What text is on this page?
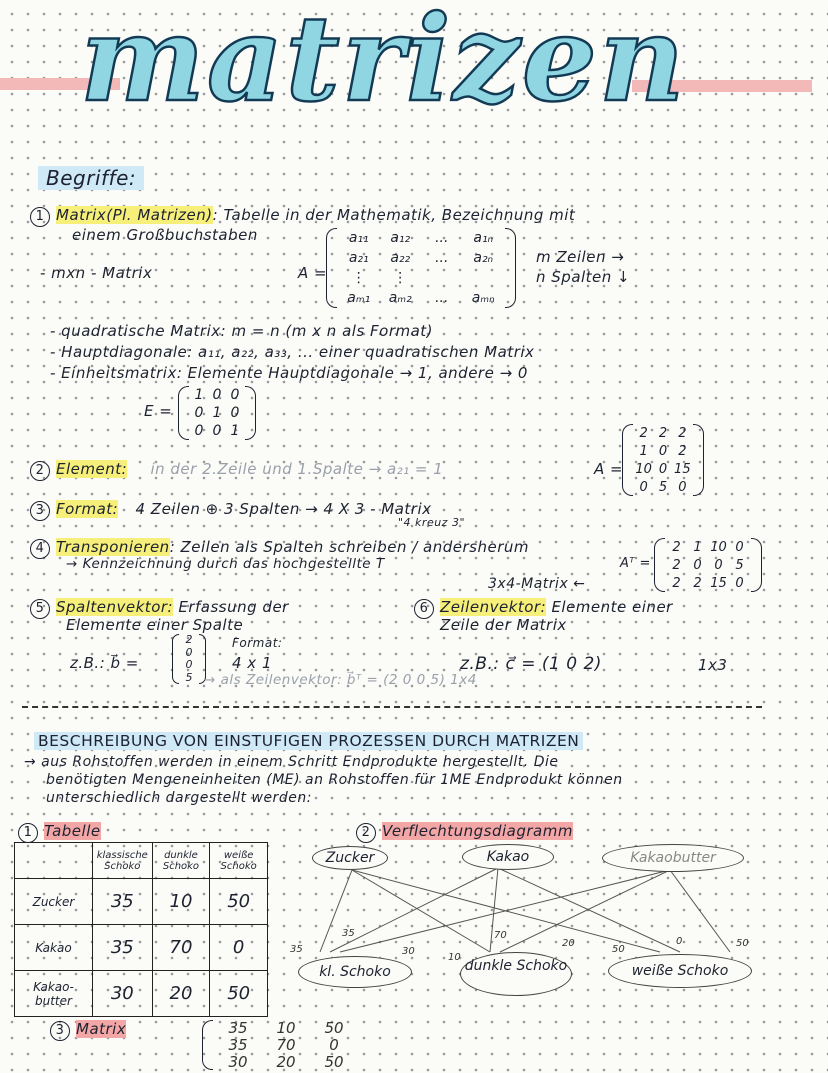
matrizen
Begriffe:
1 Matrix(Pl. Matrizen): Tabelle in der Mathematik, Bezeichnung mit
einem Großbuchstaben
- mxn - Matrix	A =
a₁₁	a₁₂	...	a₁ₙ
a₂₁	a₂₂	...	a₂ₙ
⋮	⋮
aₘ₁	aₘ₂	...	aₘₙ
m Zeilen →
n Spalten ↓
- quadratische Matrix: m = n (m x n als Format)
- Hauptdiagonale: a₁₁, a₂₂, a₃₃, ... einer quadratischen Matrix
- Einheitsmatrix: Elemente Hauptdiagonale → 1, andere → 0
E =
1 0 0
0 1 0
0 0 1
2 Element: in der 2.Zeile und 1.Spalte → a₂₁ = 1	A =
2 2 2
1 0 2
10 0 15
0 5 0
3 Format: 4 Zeilen ⊕ 3 Spalten → 4 X 3 - Matrix
"4 kreuz 3"
4 Transponieren: Zeilen als Spalten schreiben / andersherum
→ Kennzeichnung durch das hochgestellte T	Aᵀ =
2 1 10 0
2 0 0 5
2 2 15 0
3x4-Matrix ←
5 Spaltenvektor: Erfassung der
Elemente einer Spalte
z.B.: b⃗ =
2
0
0
5
Format:
4 x 1
→ als Zeilenvektor: b⃗ᵀ = (2 0 0 5) 1x4
6 Zeilenvektor: Elemente einer
Zeile der Matrix
z.B.: c⃗ = (1 0 2)	1x3
BESCHREIBUNG VON EINSTUFIGEN PROZESSEN DURCH MATRIZEN
→ aus Rohstoffen werden in einem Schritt Endprodukte hergestellt. Die
benötigten Mengeneinheiten (ME) an Rohstoffen für 1ME Endprodukt können
unterschiedlich dargestellt werden:
1 Tabelle
	klassische Schoko	dunkle Schoko	weiße Schoko
Zucker	35	10	50
Kakao	35	70	0
Kakao-butter	30	20	50
2 Verflechtungsdiagramm
35
35
30
10
70
20
50
0	50
Zucker	Kakao	Kakaobutter
kl. Schoko	dunkle Schoko	weiße Schoko
3 Matrix	35	10	50
35	70	0
30	20	50
